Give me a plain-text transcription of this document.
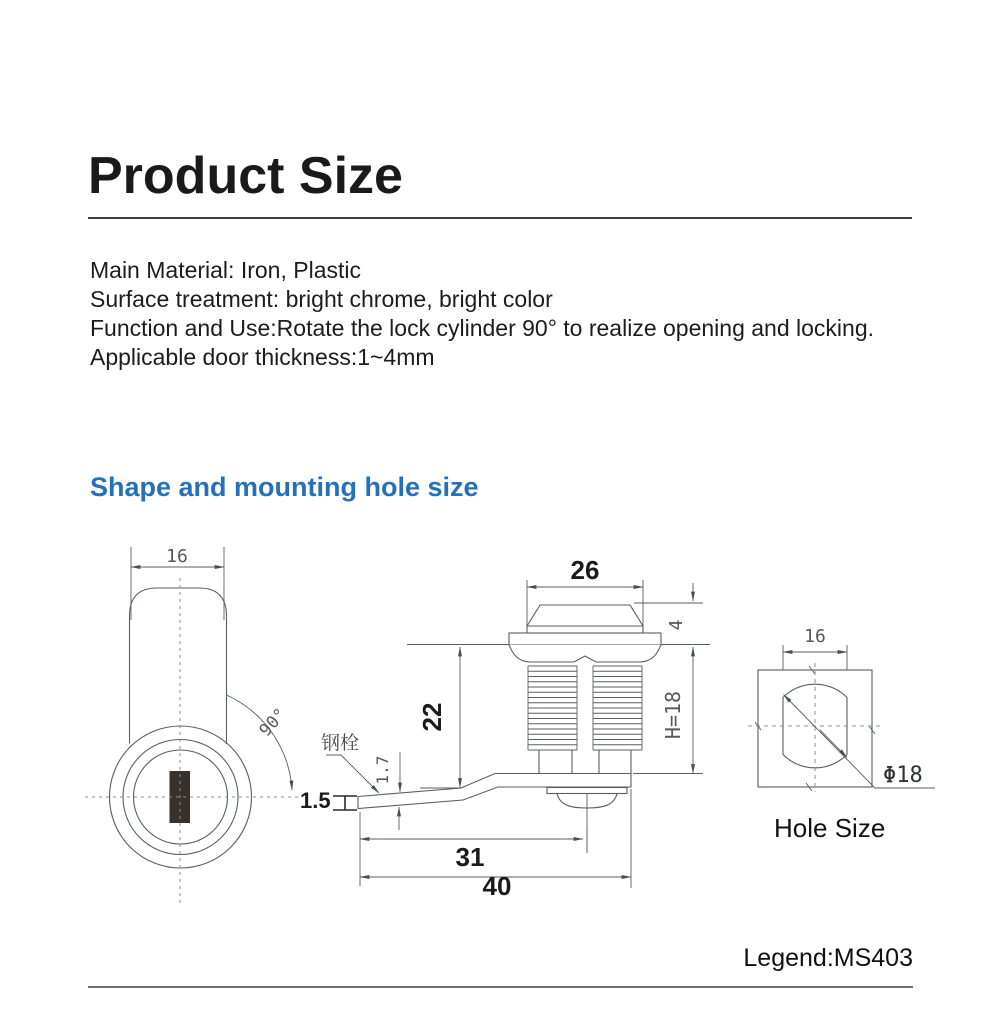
Product Size
Main Material: Iron, Plastic
Surface treatment: bright chrome, bright color
Function and Use:Rotate the lock cylinder 90° to realize opening and locking.
Applicable door thickness:1~4mm
Shape and mounting hole size
16
90°
26
22
4
H=18
钢栓
1.7
1.5
31
40
16
Φ18
Hole Size
Legend:MS403
